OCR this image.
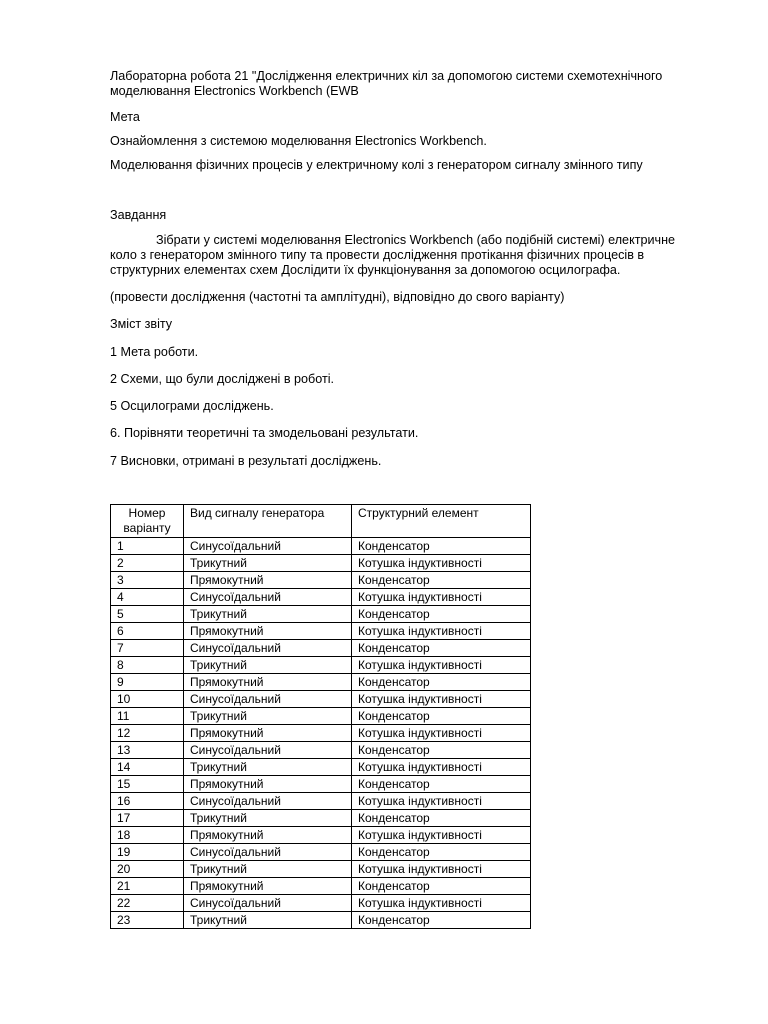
Лабораторна робота 21 "Дослідження електричних кіл за допомогою системи схемотехнічного
моделювання Electronics Workbench (EWB
Мета
Ознайомлення з системою моделювання Electronics Workbench.
Моделювання фізичних процесів у електричному колі з генератором сигналу змінного типу
Завдання
Зібрати у системі моделювання Electronics Workbench (або подібній системі) електричне
коло з генератором змінного типу та провести дослідження протікання фізичних процесів в
структурних елементах схем Дослідити їх функціонування за допомогою осцилографа.
(провести дослідження (частотні та амплітудні), відповідно до свого варіанту)
Зміст звіту
1 Мета роботи.
2 Схеми, що були досліджені в роботі.
5 Осцилограми досліджень.
6. Порівняти теоретичні та змодельовані результати.
7 Висновки, отримані в результаті досліджень.
Номер
варіанту	Вид сигналу генератора	Структурний елемент
1	Синусоїдальний	Конденсатор
2	Трикутний	Котушка індуктивності
3	Прямокутний	Конденсатор
4	Синусоїдальний	Котушка індуктивності
5	Трикутний	Конденсатор
6	Прямокутний	Котушка індуктивності
7	Синусоїдальний	Конденсатор
8	Трикутний	Котушка індуктивності
9	Прямокутний	Конденсатор
10	Синусоїдальний	Котушка індуктивності
11	Трикутний	Конденсатор
12	Прямокутний	Котушка індуктивності
13	Синусоїдальний	Конденсатор
14	Трикутний	Котушка індуктивності
15	Прямокутний	Конденсатор
16	Синусоїдальний	Котушка індуктивності
17	Трикутний	Конденсатор
18	Прямокутний	Котушка індуктивності
19	Синусоїдальний	Конденсатор
20	Трикутний	Котушка індуктивності
21	Прямокутний	Конденсатор
22	Синусоїдальний	Котушка індуктивності
23	Трикутний	Конденсатор
